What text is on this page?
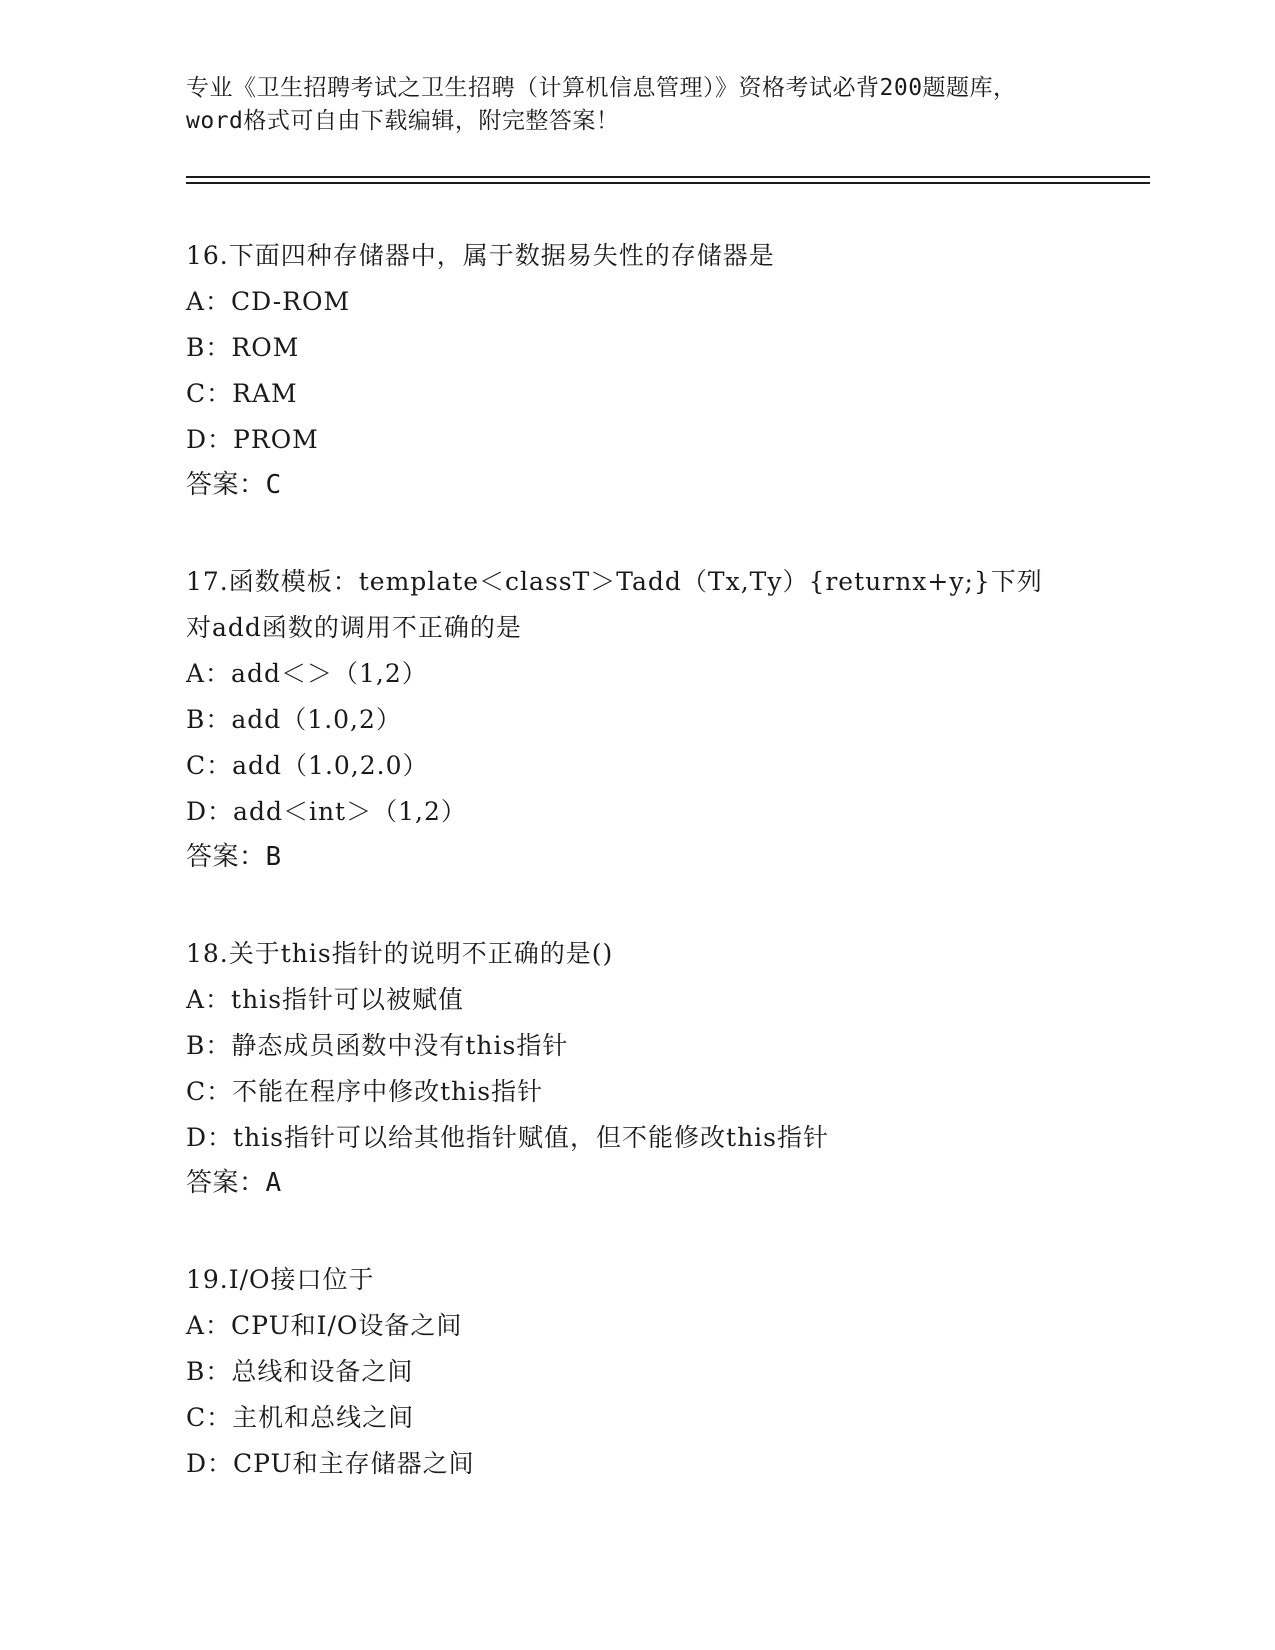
专业《卫生招聘考试之卫生招聘（计算机信息管理）》资格考试必背200题题库，
word格式可自由下载编辑，附完整答案！
16.下面四种存储器中，属于数据易失性的存储器是
A：CD-ROM
B：ROM
C：RAM
D：PROM
答案：C
17.函数模板：template＜classT＞Tadd（Tx,Ty）{returnx+y;}下列
对add函数的调用不正确的是
A：add＜＞（1,2）
B：add（1.0,2）
C：add（1.0,2.0）
D：add＜int＞（1,2）
答案：B
18.关于this指针的说明不正确的是()
A：this指针可以被赋值
B：静态成员函数中没有this指针
C：不能在程序中修改this指针
D：this指针可以给其他指针赋值，但不能修改this指针
答案：A
19.I/O接口位于
A：CPU和I/O设备之间
B：总线和设备之间
C：主机和总线之间
D：CPU和主存储器之间
